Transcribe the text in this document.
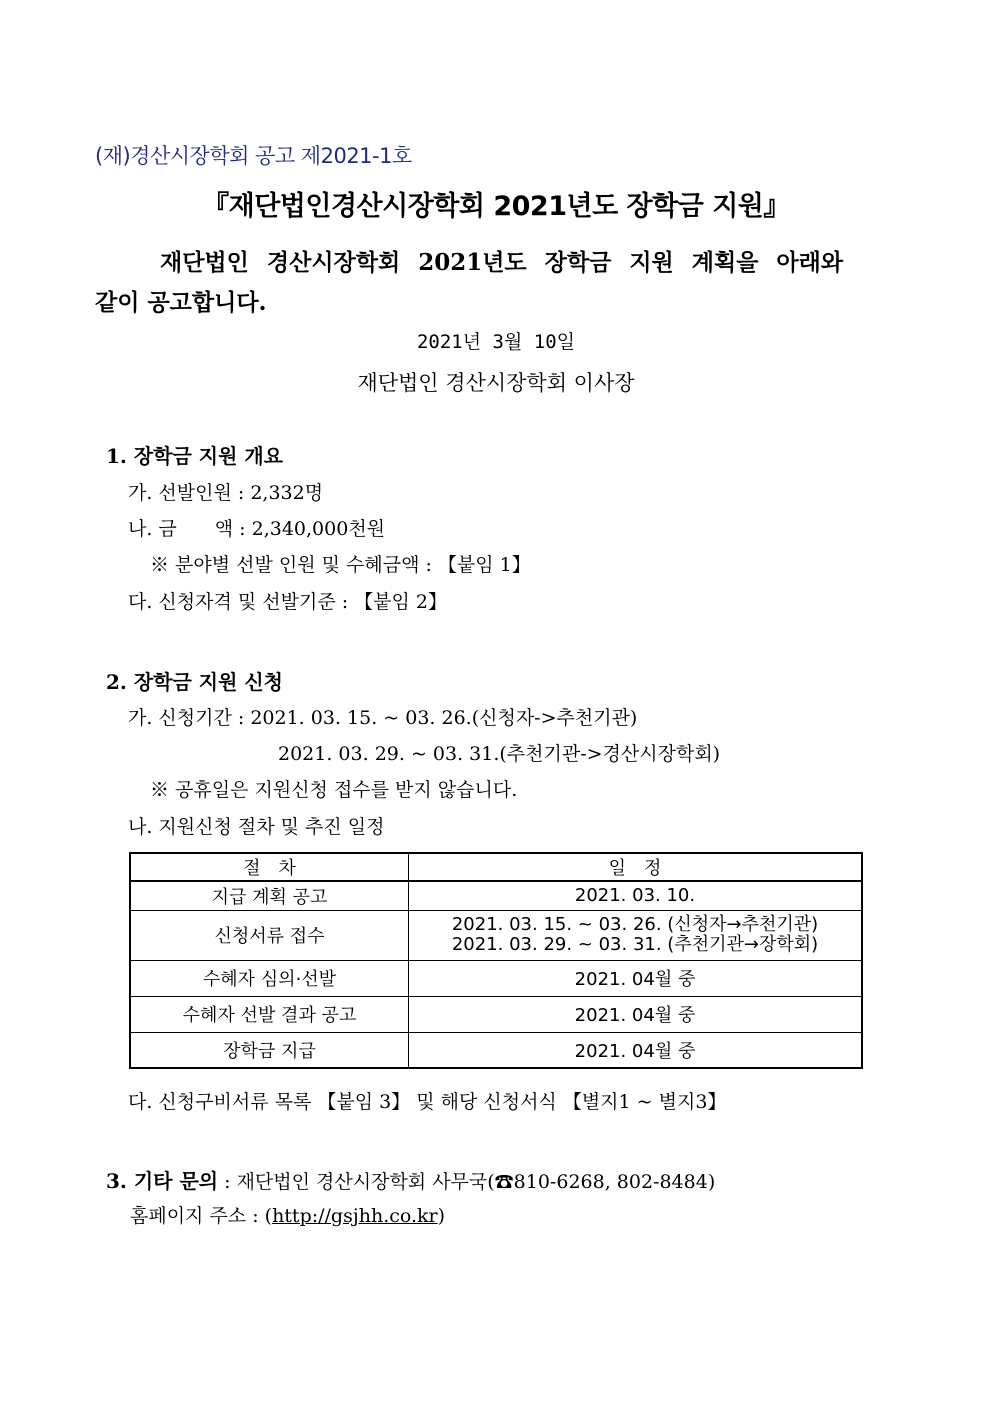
(재)경산시장학회 공고 제2021-1호
『재단법인경산시장학회 2021년도 장학금 지원』
재단법인 경산시장학회 2021년도 장학금 지원 계획을 아래와
같이 공고합니다.
2021년 3월 10일
재단법인 경산시장학회 이사장
1. 장학금 지원 개요
가. 선발인원 : 2,332명
나. 금　　액 : 2,340,000천원
※ 분야별 선발 인원 및 수혜금액 : 【붙임 1】
다. 신청자격 및 선발기준 : 【붙임 2】
2. 장학금 지원 신청
가. 신청기간 : 2021. 03. 15. ~ 03. 26.(신청자->추천기관)
2021. 03. 29. ~ 03. 31.(추천기관->경산시장학회)
※ 공휴일은 지원신청 접수를 받지 않습니다.
나. 지원신청 절차 및 추진 일정
절　차	일　정
지급 계획 공고	2021. 03. 10.
신청서류 접수	2021. 03. 15. ~ 03. 26. (신청자→추천기관)
2021. 03. 29. ~ 03. 31. (추천기관→장학회)

수혜자 심의·선발	2021. 04월 중
수혜자 선발 결과 공고	2021. 04월 중
장학금 지급	2021. 04월 중
다. 신청구비서류 목록 【붙임 3】 및 해당 신청서식 【별지1 ~ 별지3】
3. 기타 문의 : 재단법인 경산시장학회 사무국(☎810-6268, 802-8484)
홈페이지 주소 : (http://gsjhh.co.kr)
